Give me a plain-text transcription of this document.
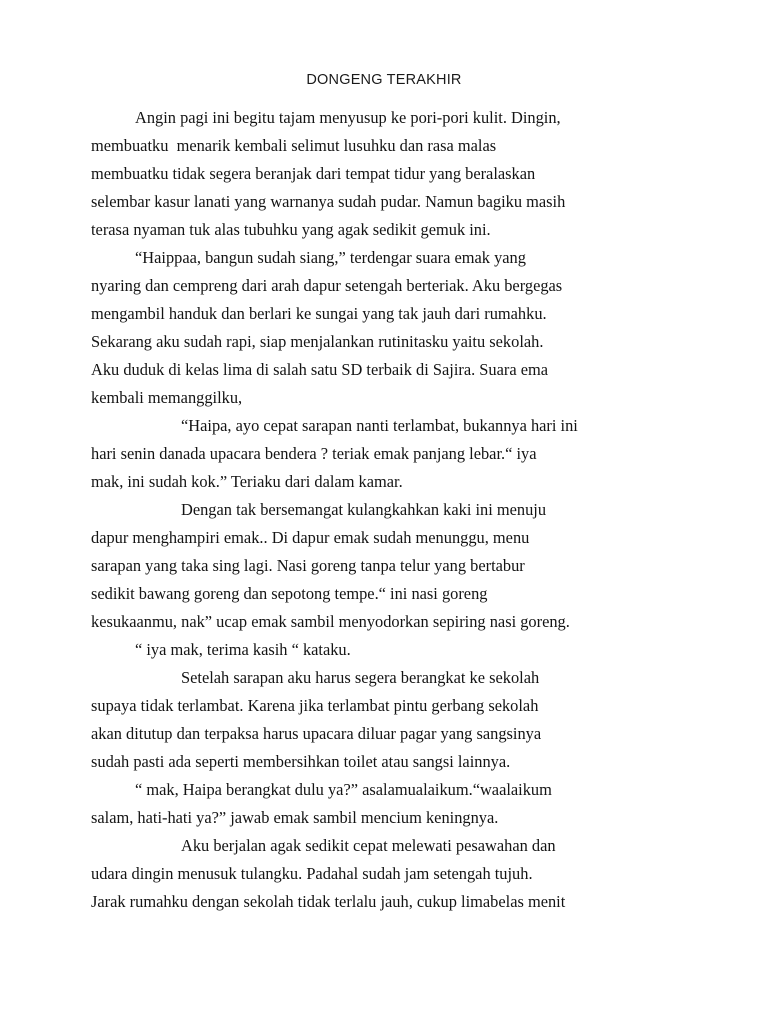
DONGENG TERAKHIR
Angin pagi ini begitu tajam menyusup ke pori-pori kulit. Dingin,
membuatku  menarik kembali selimut lusuhku dan rasa malas
membuatku tidak segera beranjak dari tempat tidur yang beralaskan
selembar kasur lanati yang warnanya sudah pudar. Namun bagiku masih
terasa nyaman tuk alas tubuhku yang agak sedikit gemuk ini.
“Haippaa, bangun sudah siang,” terdengar suara emak yang
nyaring dan cempreng dari arah dapur setengah berteriak. Aku bergegas
mengambil handuk dan berlari ke sungai yang tak jauh dari rumahku.
Sekarang aku sudah rapi, siap menjalankan rutinitasku yaitu sekolah.
Aku duduk di kelas lima di salah satu SD terbaik di Sajira. Suara ema
kembali memanggilku,
“Haipa, ayo cepat sarapan nanti terlambat, bukannya hari ini
hari senin danada upacara bendera ? teriak emak panjang lebar.“ iya
mak, ini sudah kok.” Teriaku dari dalam kamar.
Dengan tak bersemangat kulangkahkan kaki ini menuju
dapur menghampiri emak.. Di dapur emak sudah menunggu, menu
sarapan yang taka sing lagi. Nasi goreng tanpa telur yang bertabur
sedikit bawang goreng dan sepotong tempe.“ ini nasi goreng
kesukaanmu, nak” ucap emak sambil menyodorkan sepiring nasi goreng.
“ iya mak, terima kasih “ kataku.
Setelah sarapan aku harus segera berangkat ke sekolah
supaya tidak terlambat. Karena jika terlambat pintu gerbang sekolah
akan ditutup dan terpaksa harus upacara diluar pagar yang sangsinya
sudah pasti ada seperti membersihkan toilet atau sangsi lainnya.
“ mak, Haipa berangkat dulu ya?” asalamualaikum.“waalaikum
salam, hati-hati ya?” jawab emak sambil mencium keningnya.
Aku berjalan agak sedikit cepat melewati pesawahan dan
udara dingin menusuk tulangku. Padahal sudah jam setengah tujuh.
Jarak rumahku dengan sekolah tidak terlalu jauh, cukup limabelas menit
